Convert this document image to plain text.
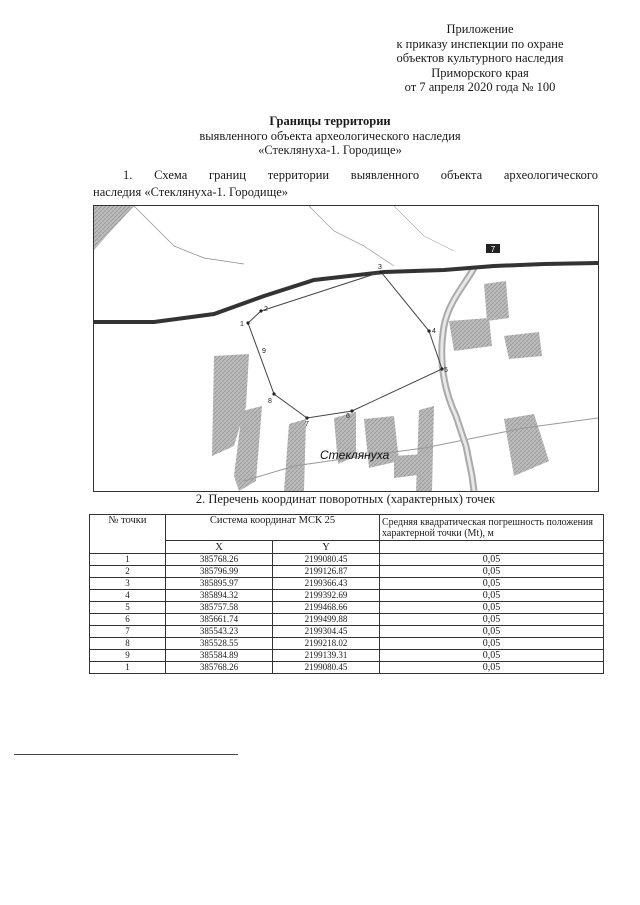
Приложение
к приказу инспекции по охране
объектов культурного наследия
Приморского края
от 7 апреля 2020 года № 100
Границы территории
выявленного объекта археологического наследия
«Стеклянуха-1. Городище»
1. Схема границ территории выявленного объекта археологического
наследия «Стеклянуха-1. Городище»
7
1
2
3
4
5
6
7
8
9
Стеклянуха
2. Перечень координат поворотных (характерных) точек
№ точки	Система координат МСК 25		Средняя квадратическая погрешность положения характерной точки (Mt), м
	X	Y	
1	385768.26	2199080.45	0,05
2	385796.99	2199126.87	0,05
3	385895.97	2199366.43	0,05
4	385894.32	2199392.69	0,05
5	385757.58	2199468.66	0,05
6	385661.74	2199499.88	0,05
7	385543.23	2199304.45	0,05
8	385528.55	2199218.02	0,05
9	385584.89	2199139.31	0,05
1	385768.26	2199080.45	0,05
